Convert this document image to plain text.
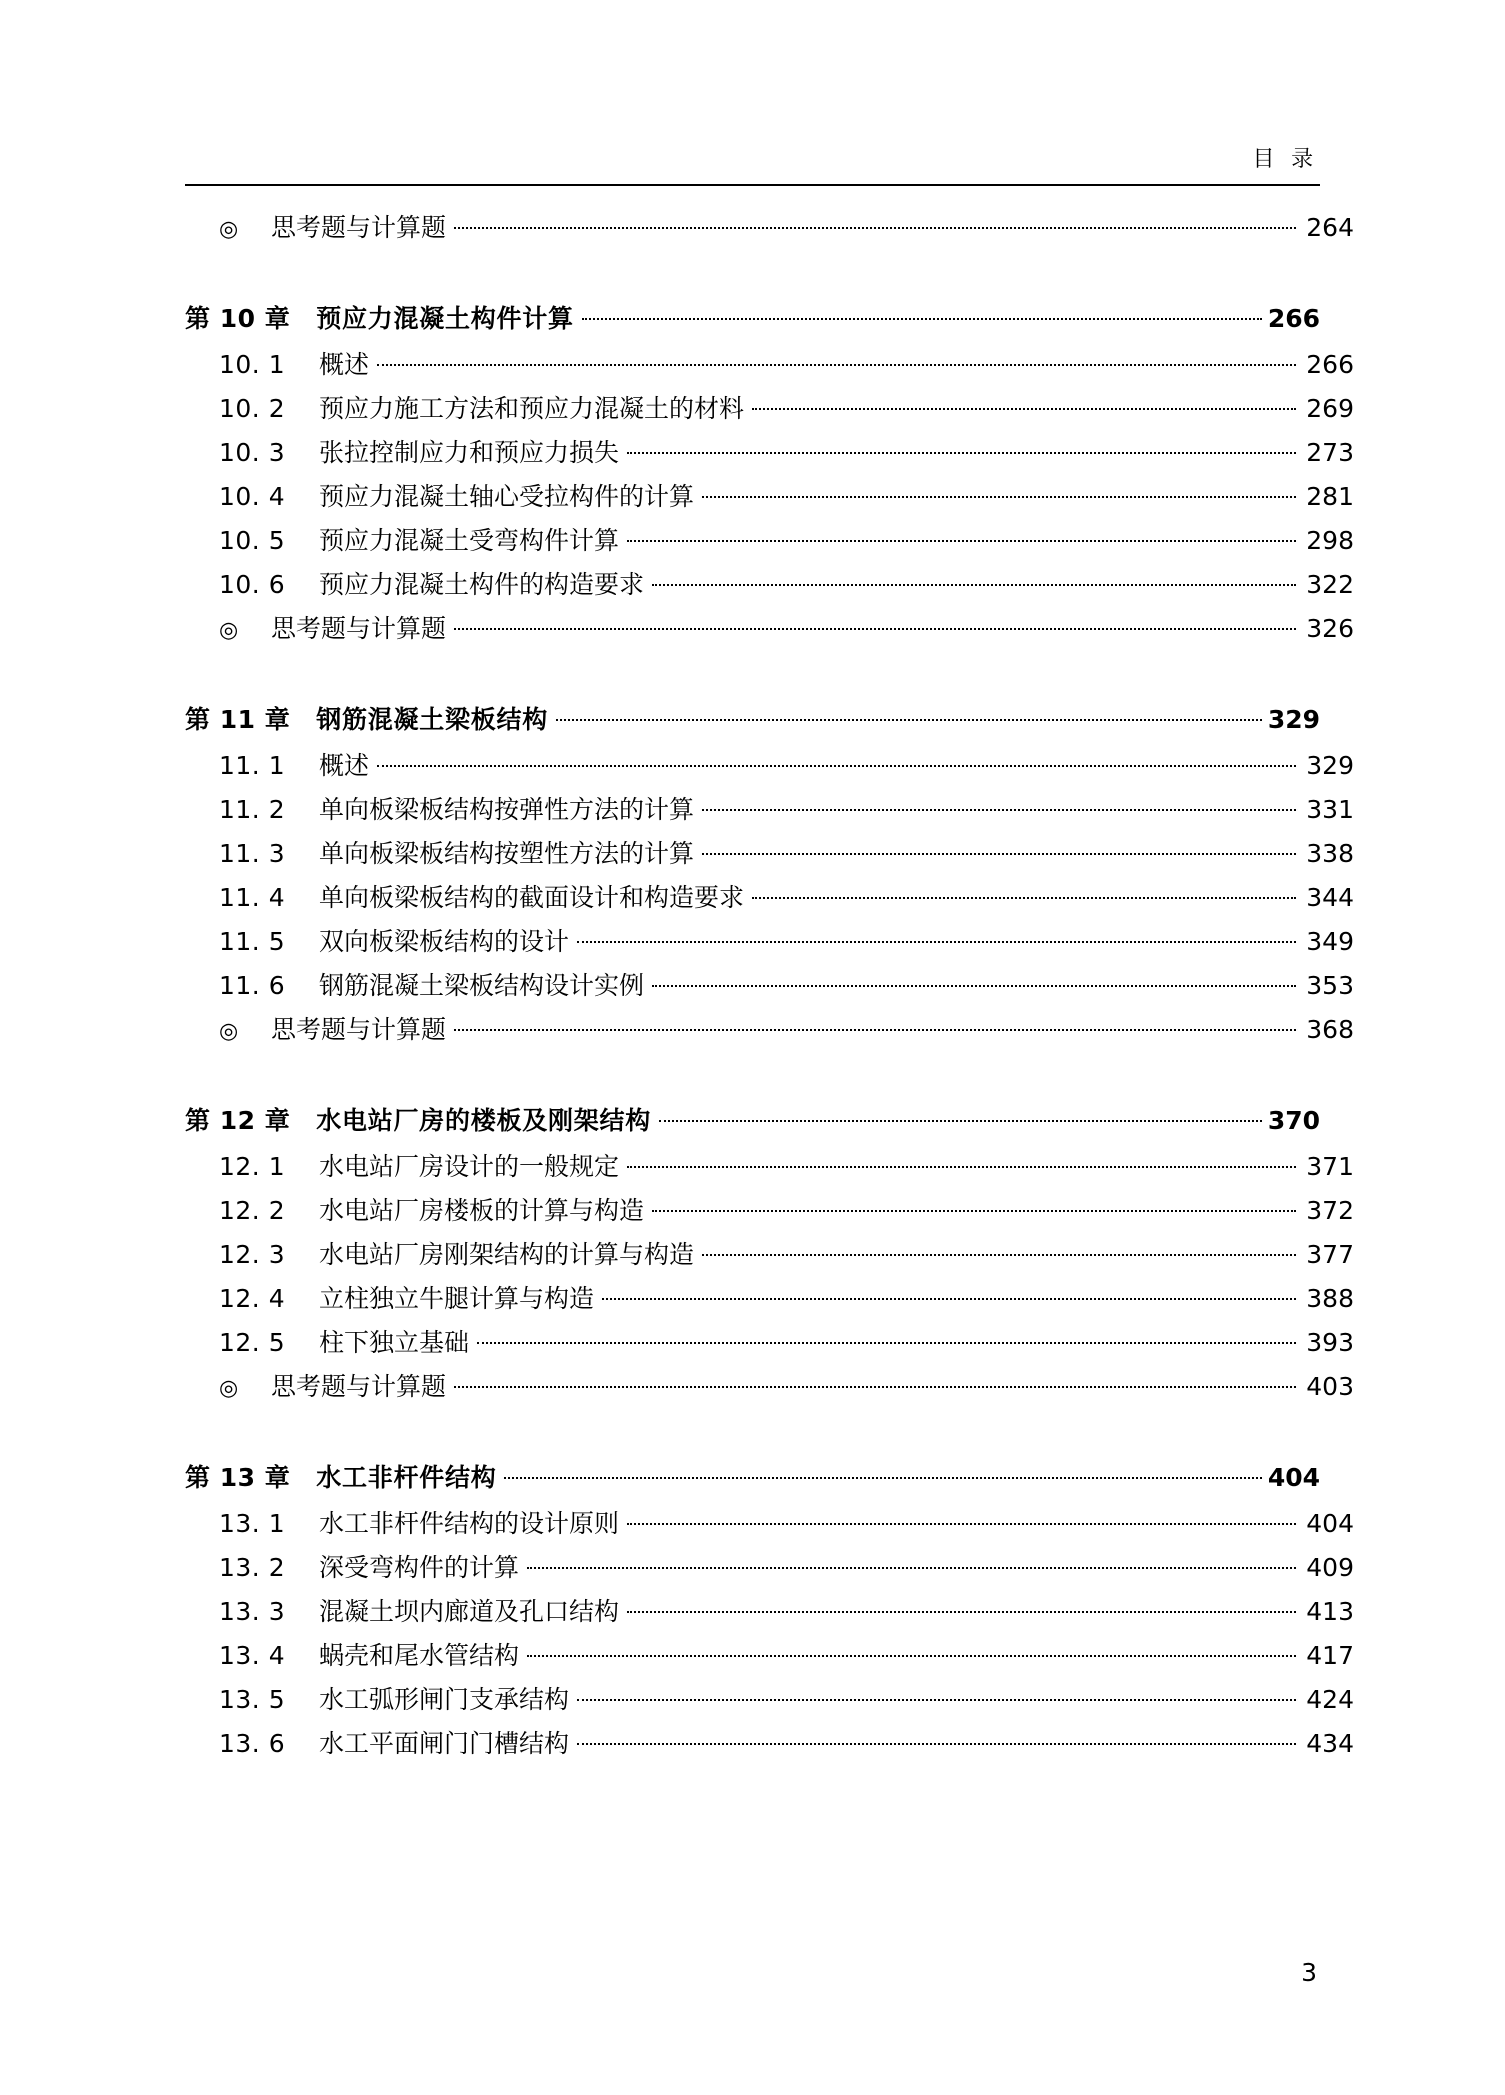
目 录
◎	思考题与计算题	264
第 10 章 预应力混凝土构件计算	266
10. 1	概述	266
10. 2	预应力施工方法和预应力混凝土的材料	269
10. 3	张拉控制应力和预应力损失	273
10. 4	预应力混凝土轴心受拉构件的计算	281
10. 5	预应力混凝土受弯构件计算	298
10. 6	预应力混凝土构件的构造要求	322
◎	思考题与计算题	326
第 11 章 钢筋混凝土梁板结构	329
11. 1	概述	329
11. 2	单向板梁板结构按弹性方法的计算	331
11. 3	单向板梁板结构按塑性方法的计算	338
11. 4	单向板梁板结构的截面设计和构造要求	344
11. 5	双向板梁板结构的设计	349
11. 6	钢筋混凝土梁板结构设计实例	353
◎	思考题与计算题	368
第 12 章 水电站厂房的楼板及刚架结构	370
12. 1	水电站厂房设计的一般规定	371
12. 2	水电站厂房楼板的计算与构造	372
12. 3	水电站厂房刚架结构的计算与构造	377
12. 4	立柱独立牛腿计算与构造	388
12. 5	柱下独立基础	393
◎	思考题与计算题	403
第 13 章 水工非杆件结构	404
13. 1	水工非杆件结构的设计原则	404
13. 2	深受弯构件的计算	409
13. 3	混凝土坝内廊道及孔口结构	413
13. 4	蜗壳和尾水管结构	417
13. 5	水工弧形闸门支承结构	424
13. 6	水工平面闸门门槽结构	434
3
